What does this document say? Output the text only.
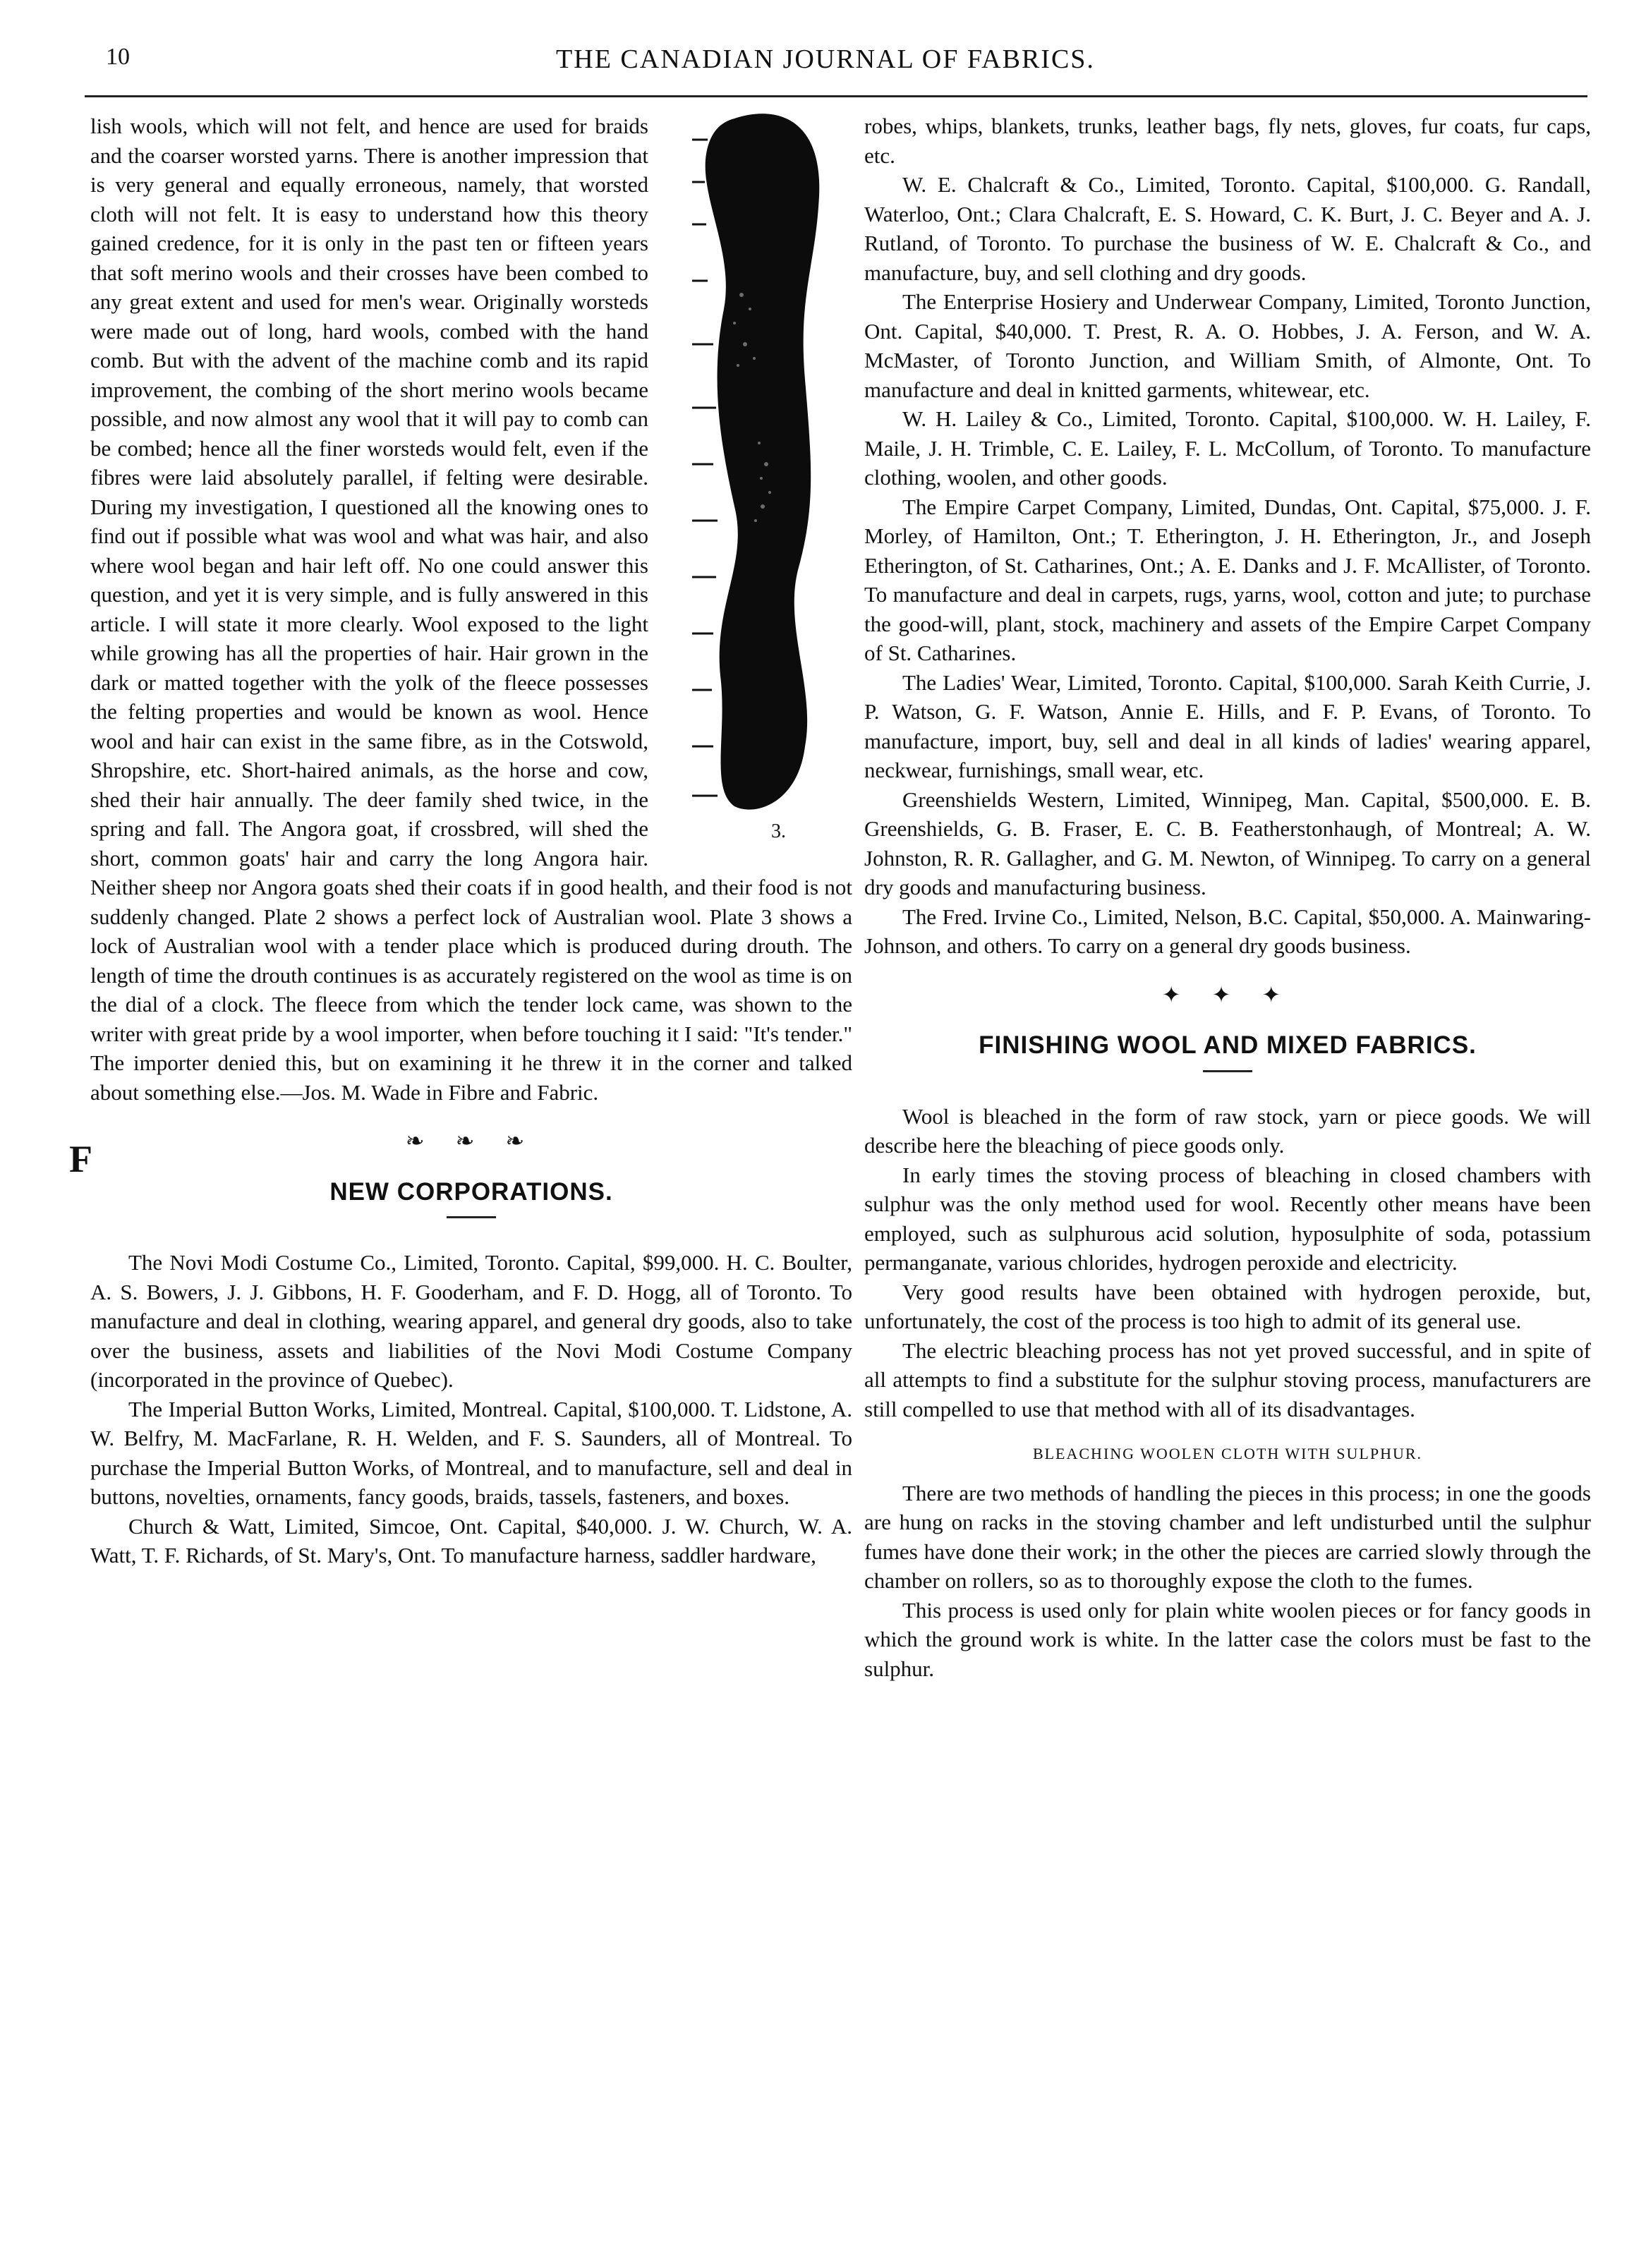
10	THE CANADIAN JOURNAL OF FABRICS.
3.

lish wools, which will not felt, and hence are used for braids and the coarser worsted yarns. There is another impression that is very general and equally erroneous, namely, that worsted cloth will not felt. It is easy to understand how this theory gained credence, for it is only in the past ten or fifteen years that soft merino wools and their crosses have been combed to any great extent and used for men's wear. Originally worsteds were made out of long, hard wools, combed with the hand comb. But with the advent of the machine comb and its rapid improvement, the combing of the short merino wools became possible, and now almost any wool that it will pay to comb can be combed; hence all the finer worsteds would felt, even if the fibres were laid absolutely parallel, if felting were desirable. During my investigation, I questioned all the knowing ones to find out if possible what was wool and what was hair, and also where wool began and hair left off. No one could answer this question, and yet it is very simple, and is fully answered in this article. I will state it more clearly. Wool exposed to the light while growing has all the properties of hair. Hair grown in the dark or matted together with the yolk of the fleece possesses the felting properties and would be known as wool. Hence wool and hair can exist in the same fibre, as in the Cotswold, Shropshire, etc. Short-haired animals, as the horse and cow, shed their hair annually. The deer family shed twice, in the spring and fall. The Angora goat, if crossbred, will shed the short, common goats' hair and carry the long Angora hair. Neither sheep nor Angora goats shed their coats if in good health, and their food is not suddenly changed. Plate 2 shows a perfect lock of Australian wool. Plate 3 shows a lock of Australian wool with a tender place which is produced during drouth. The length of time the drouth continues is as accurately registered on the wool as time is on the dial of a clock. The fleece from which the tender lock came, was shown to the writer with great pride by a wool importer, when before touching it I said: "It's tender." The importer denied this, but on examining it he threw it in the corner and talked about something else.—Jos. M. Wade in Fibre and Fabric.

❧ ❧ ❧
F
NEW CORPORATIONS.

The Novi Modi Costume Co., Limited, Toronto. Capital, $99,000. H. C. Boulter, A. S. Bowers, J. J. Gibbons, H. F. Gooderham, and F. D. Hogg, all of Toronto. To manufacture and deal in clothing, wearing apparel, and general dry goods, also to take over the business, assets and liabilities of the Novi Modi Costume Company (incorporated in the province of Quebec).

The Imperial Button Works, Limited, Montreal. Capital, $100,000. T. Lidstone, A. W. Belfry, M. MacFarlane, R. H. Welden, and F. S. Saunders, all of Montreal. To purchase the Imperial Button Works, of Montreal, and to manufacture, sell and deal in buttons, novelties, ornaments, fancy goods, braids, tassels, fasteners, and boxes.

Church & Watt, Limited, Simcoe, Ont. Capital, $40,000. J. W. Church, W. A. Watt, T. F. Richards, of St. Mary's, Ont. To manufacture harness, saddler hardware,

robes, whips, blankets, trunks, leather bags, fly nets, gloves, fur coats, fur caps, etc.

W. E. Chalcraft & Co., Limited, Toronto. Capital, $100,000. G. Randall, Waterloo, Ont.; Clara Chalcraft, E. S. Howard, C. K. Burt, J. C. Beyer and A. J. Rutland, of Toronto. To purchase the business of W. E. Chalcraft & Co., and manufacture, buy, and sell clothing and dry goods.

The Enterprise Hosiery and Underwear Company, Limited, Toronto Junction, Ont. Capital, $40,000. T. Prest, R. A. O. Hobbes, J. A. Ferson, and W. A. McMaster, of Toronto Junction, and William Smith, of Almonte, Ont. To manufacture and deal in knitted garments, whitewear, etc.

W. H. Lailey & Co., Limited, Toronto. Capital, $100,000. W. H. Lailey, F. Maile, J. H. Trimble, C. E. Lailey, F. L. McCollum, of Toronto. To manufacture clothing, woolen, and other goods.

The Empire Carpet Company, Limited, Dundas, Ont. Capital, $75,000. J. F. Morley, of Hamilton, Ont.; T. Etherington, J. H. Etherington, Jr., and Joseph Etherington, of St. Catharines, Ont.; A. E. Danks and J. F. McAllister, of Toronto. To manufacture and deal in carpets, rugs, yarns, wool, cotton and jute; to purchase the good-will, plant, stock, machinery and assets of the Empire Carpet Company of St. Catharines.

The Ladies' Wear, Limited, Toronto. Capital, $100,000. Sarah Keith Currie, J. P. Watson, G. F. Watson, Annie E. Hills, and F. P. Evans, of Toronto. To manufacture, import, buy, sell and deal in all kinds of ladies' wearing apparel, neckwear, furnishings, small wear, etc.

Greenshields Western, Limited, Winnipeg, Man. Capital, $500,000. E. B. Greenshields, G. B. Fraser, E. C. B. Featherstonhaugh, of Montreal; A. W. Johnston, R. R. Gallagher, and G. M. Newton, of Winnipeg. To carry on a general dry goods and manufacturing business.

The Fred. Irvine Co., Limited, Nelson, B.C. Capital, $50,000. A. Mainwaring-Johnson, and others. To carry on a general dry goods business.

✦ ✦ ✦
FINISHING WOOL AND MIXED FABRICS.

Wool is bleached in the form of raw stock, yarn or piece goods. We will describe here the bleaching of piece goods only.

In early times the stoving process of bleaching in closed chambers with sulphur was the only method used for wool. Recently other means have been employed, such as sulphurous acid solution, hyposulphite of soda, potassium permanganate, various chlorides, hydrogen peroxide and electricity.

Very good results have been obtained with hydrogen peroxide, but, unfortunately, the cost of the process is too high to admit of its general use.

The electric bleaching process has not yet proved successful, and in spite of all attempts to find a substitute for the sulphur stoving process, manufacturers are still compelled to use that method with all of its disadvantages.

BLEACHING WOOLEN CLOTH WITH SULPHUR.

There are two methods of handling the pieces in this process; in one the goods are hung on racks in the stoving chamber and left undisturbed until the sulphur fumes have done their work; in the other the pieces are carried slowly through the chamber on rollers, so as to thoroughly expose the cloth to the fumes.

This process is used only for plain white woolen pieces or for fancy goods in which the ground work is white. In the latter case the colors must be fast to the sulphur.
